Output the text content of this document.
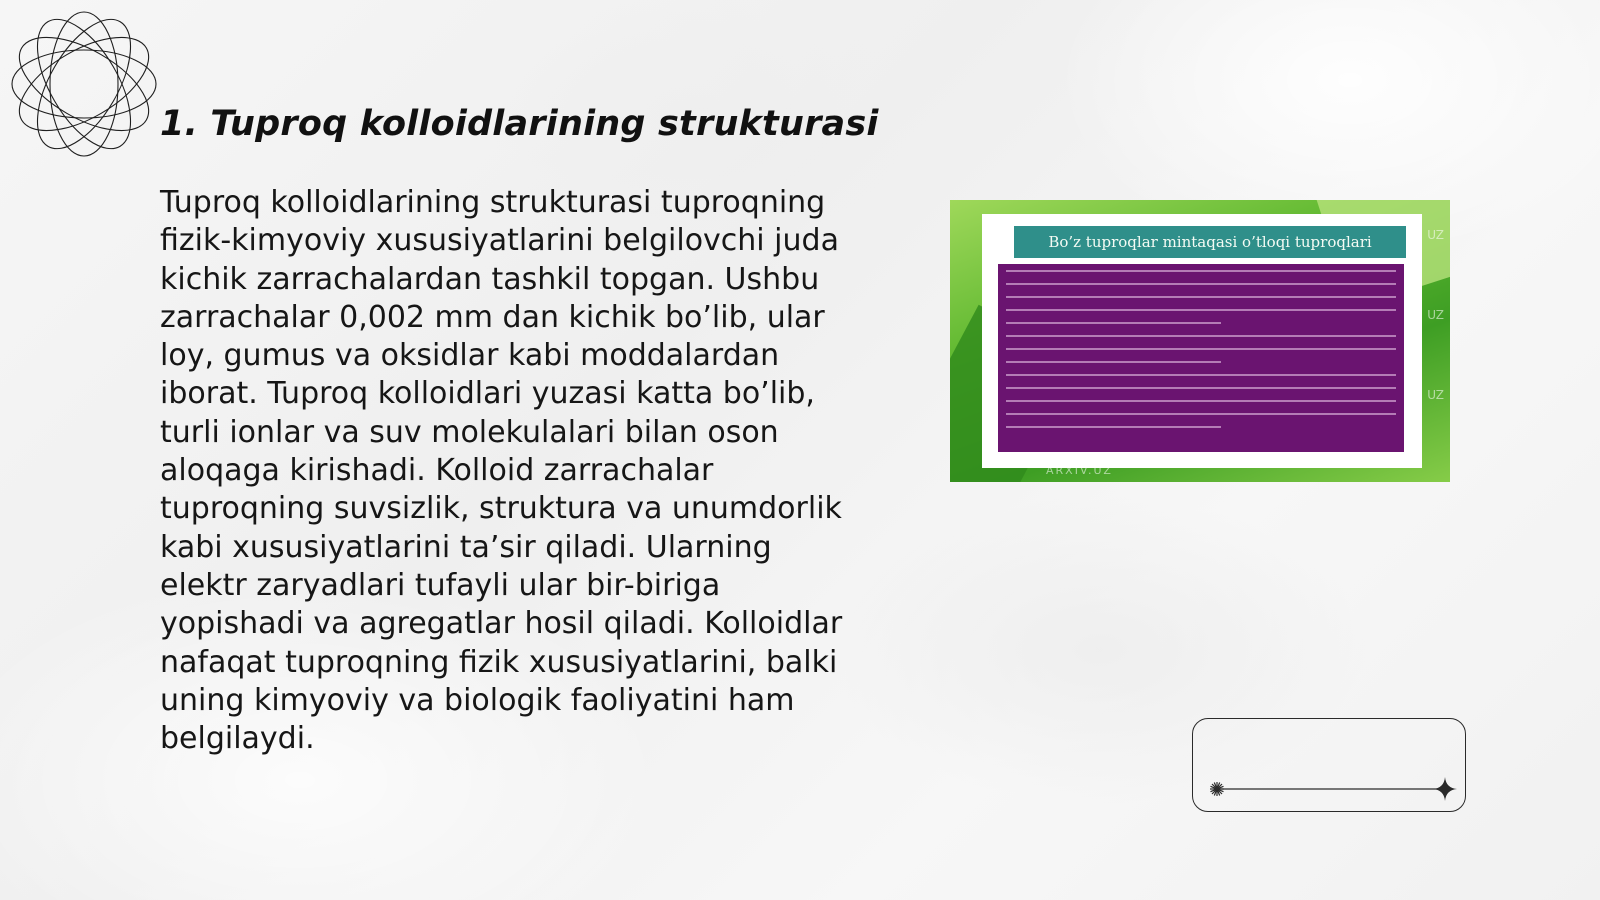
1. Tuproq kolloidlarining strukturasi

Tuproq kolloidlarining strukturasi tuproqning fizik-kimyoviy xususiyatlarini belgilovchi juda kichik zarrachalardan tashkil topgan. Ushbu zarrachalar 0,002 mm dan kichik bo’lib, ular loy, gumus va oksidlar kabi moddalardan iborat. Tuproq kolloidlari yuzasi katta bo’lib, turli ionlar va suv molekulalari bilan oson aloqaga kirishadi. Kolloid zarrachalar tuproqning suvsizlik, struktura va unumdorlik kabi xususiyatlarini ta’sir qiladi. Ularning elektr zaryadlari tufayli ular bir-biriga yopishadi va agregatlar hosil qiladi. Kolloidlar nafaqat tuproqning fizik xususiyatlarini, balki uning kimyoviy va biologik faoliyatini ham belgilaydi.

Bo’z tuproqlar mintaqasi o’tloqi tuproqlari	UZ
UZ
UZ
ARXIV.UZ
